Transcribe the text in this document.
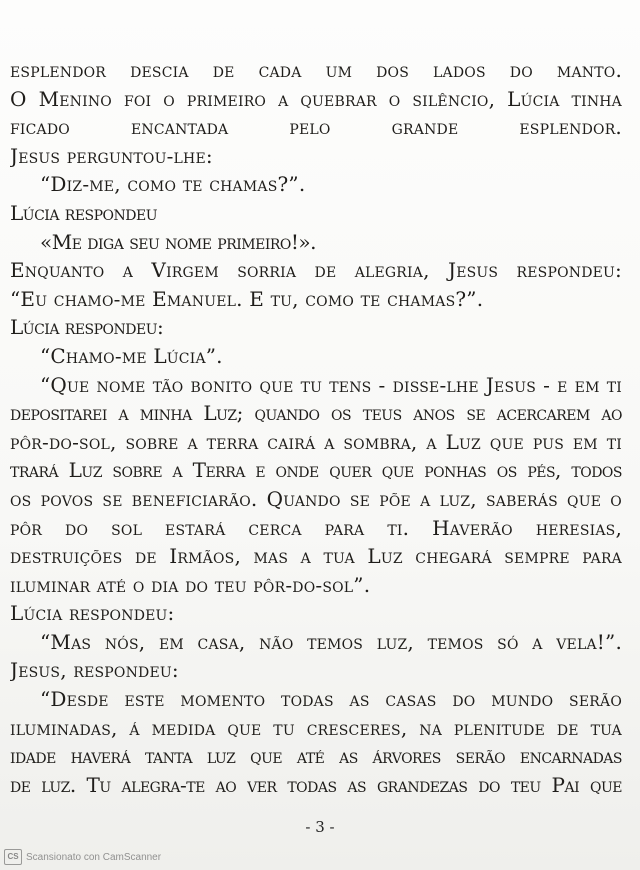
esplendor descia de cada um dos lados do manto.
O Menino foi o primeiro a quebrar o silêncio, Lúcia tinha
ficado encantada pelo grande esplendor.
Jesus perguntou-lhe:
“Diz-me, como te chamas?”.
Lúcia respondeu
«Me diga seu nome primeiro!».
Enquanto a Virgem sorria de alegria, Jesus respondeu:
“Eu chamo-me Emanuel. E tu, como te chamas?”.
Lúcia respondeu:
“Chamo-me Lúcia”.
“Que nome tão bonito que tu tens - disse-lhe Jesus - e em ti
depositarei a minha Luz; quando os teus anos se acercarem ao
pôr-do-sol, sobre a terra cairá a sombra, a Luz que pus em ti
trará Luz sobre a Terra e onde quer que ponhas os pés, todos
os povos se beneficiarão. Quando se põe a luz, saberás que o
pôr do sol estará cerca para ti. Haverão heresias,
destruições de Irmãos, mas a tua Luz chegará sempre para
iluminar até o dia do teu pôr-do-sol”.
Lúcia respondeu:
“Mas nós, em casa, não temos luz, temos só a vela!”.
Jesus, respondeu:
“Desde este momento todas as casas do mundo serão
iluminadas, á medida que tu cresceres, na plenitude de tua
idade haverá tanta luz que até as árvores serão encarnadas
de luz. Tu alegra-te ao ver todas as grandezas do teu Pai que
- 3 -
CS Scansionato con CamScanner
